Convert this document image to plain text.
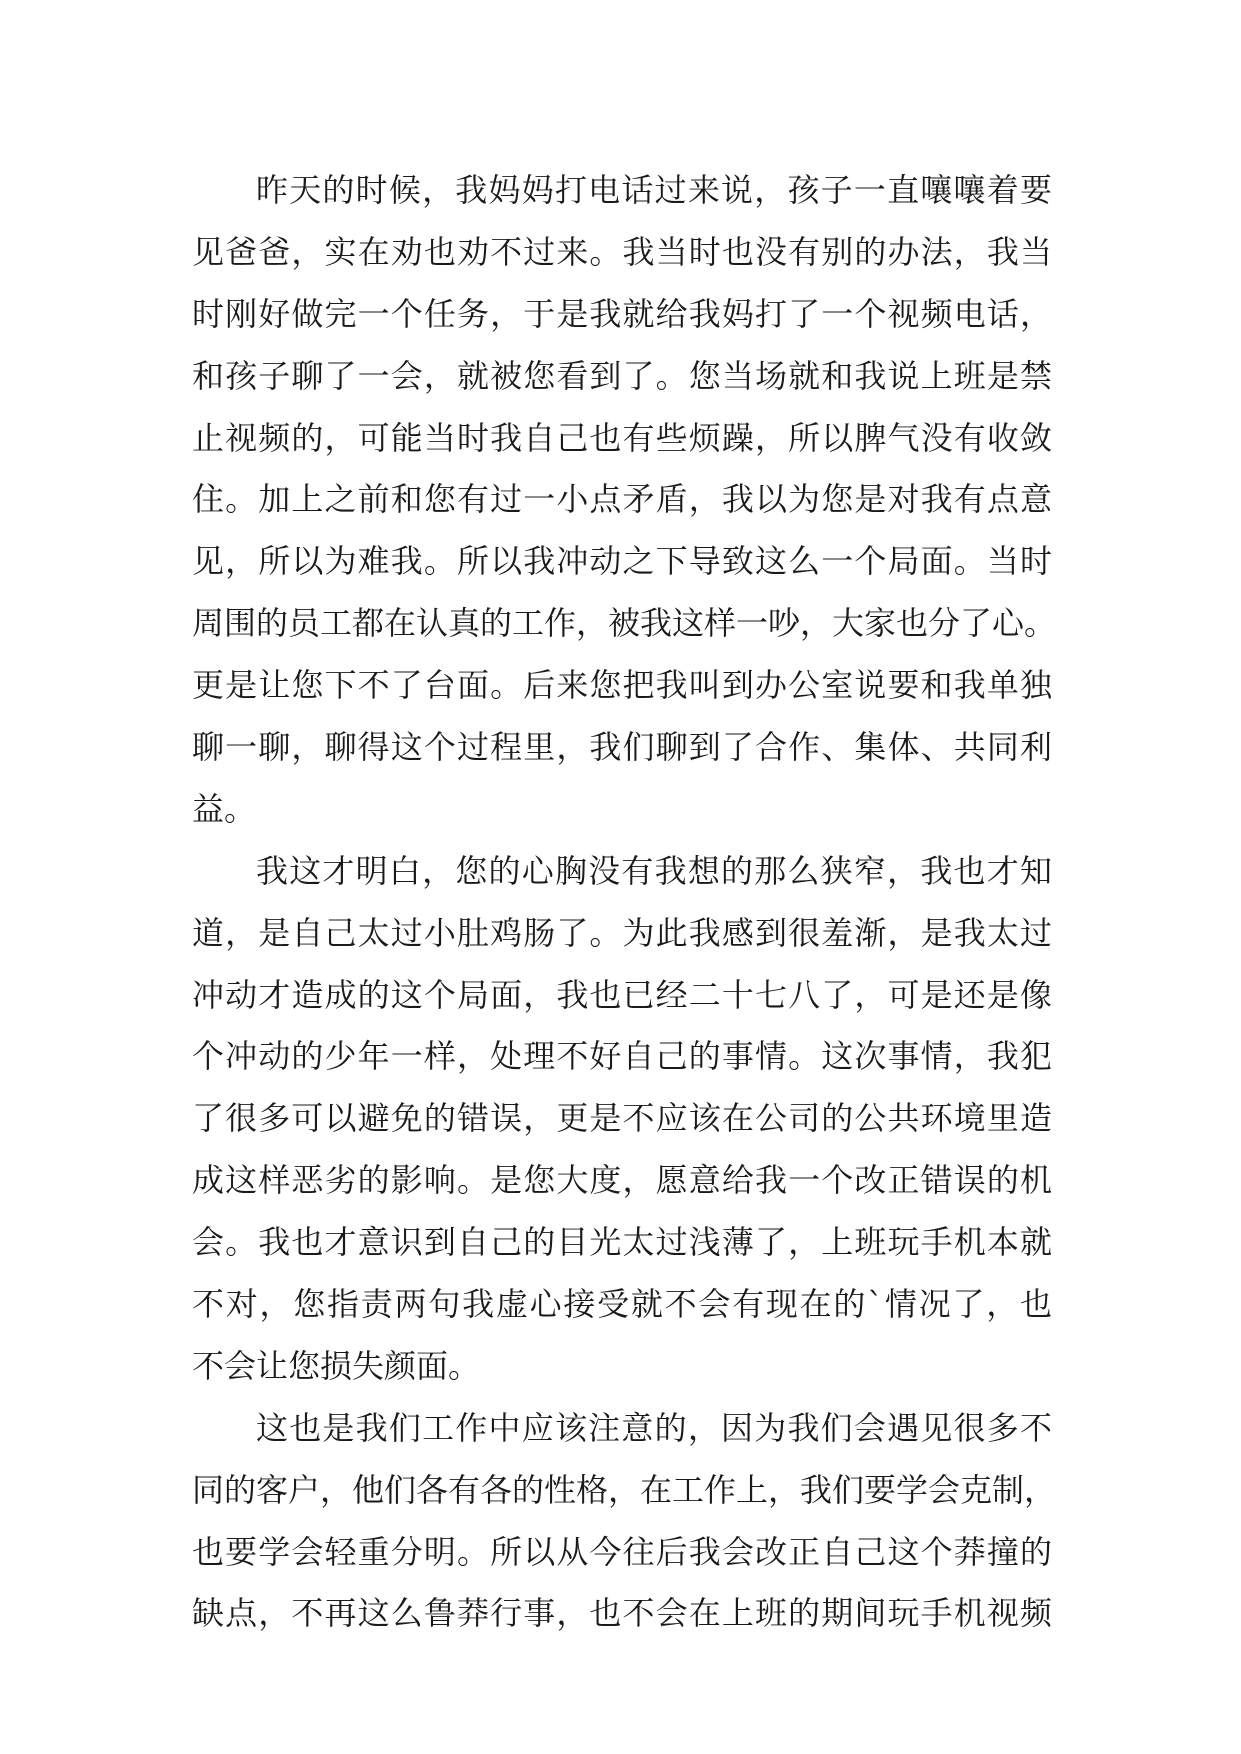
昨天的时候，我妈妈打电话过来说，孩子一直嚷嚷着要
见爸爸，实在劝也劝不过来。我当时也没有别的办法，我当
时刚好做完一个任务，于是我就给我妈打了一个视频电话，
和孩子聊了一会，就被您看到了。您当场就和我说上班是禁
止视频的，可能当时我自己也有些烦躁，所以脾气没有收敛
住。加上之前和您有过一小点矛盾，我以为您是对我有点意
见，所以为难我。所以我冲动之下导致这么一个局面。当时
周围的员工都在认真的工作，被我这样一吵，大家也分了心。
更是让您下不了台面。后来您把我叫到办公室说要和我单独
聊一聊，聊得这个过程里，我们聊到了合作、集体、共同利
益。
我这才明白，您的心胸没有我想的那么狭窄，我也才知
道，是自己太过小肚鸡肠了。为此我感到很羞渐，是我太过
冲动才造成的这个局面，我也已经二十七八了，可是还是像
个冲动的少年一样，处理不好自己的事情。这次事情，我犯
了很多可以避免的错误，更是不应该在公司的公共环境里造
成这样恶劣的影响。是您大度，愿意给我一个改正错误的机
会。我也才意识到自己的目光太过浅薄了，上班玩手机本就
不对，您指责两句我虚心接受就不会有现在的`情况了，也
不会让您损失颜面。
这也是我们工作中应该注意的，因为我们会遇见很多不
同的客户，他们各有各的性格，在工作上，我们要学会克制，
也要学会轻重分明。所以从今往后我会改正自己这个莽撞的
缺点，不再这么鲁莽行事，也不会在上班的期间玩手机视频
